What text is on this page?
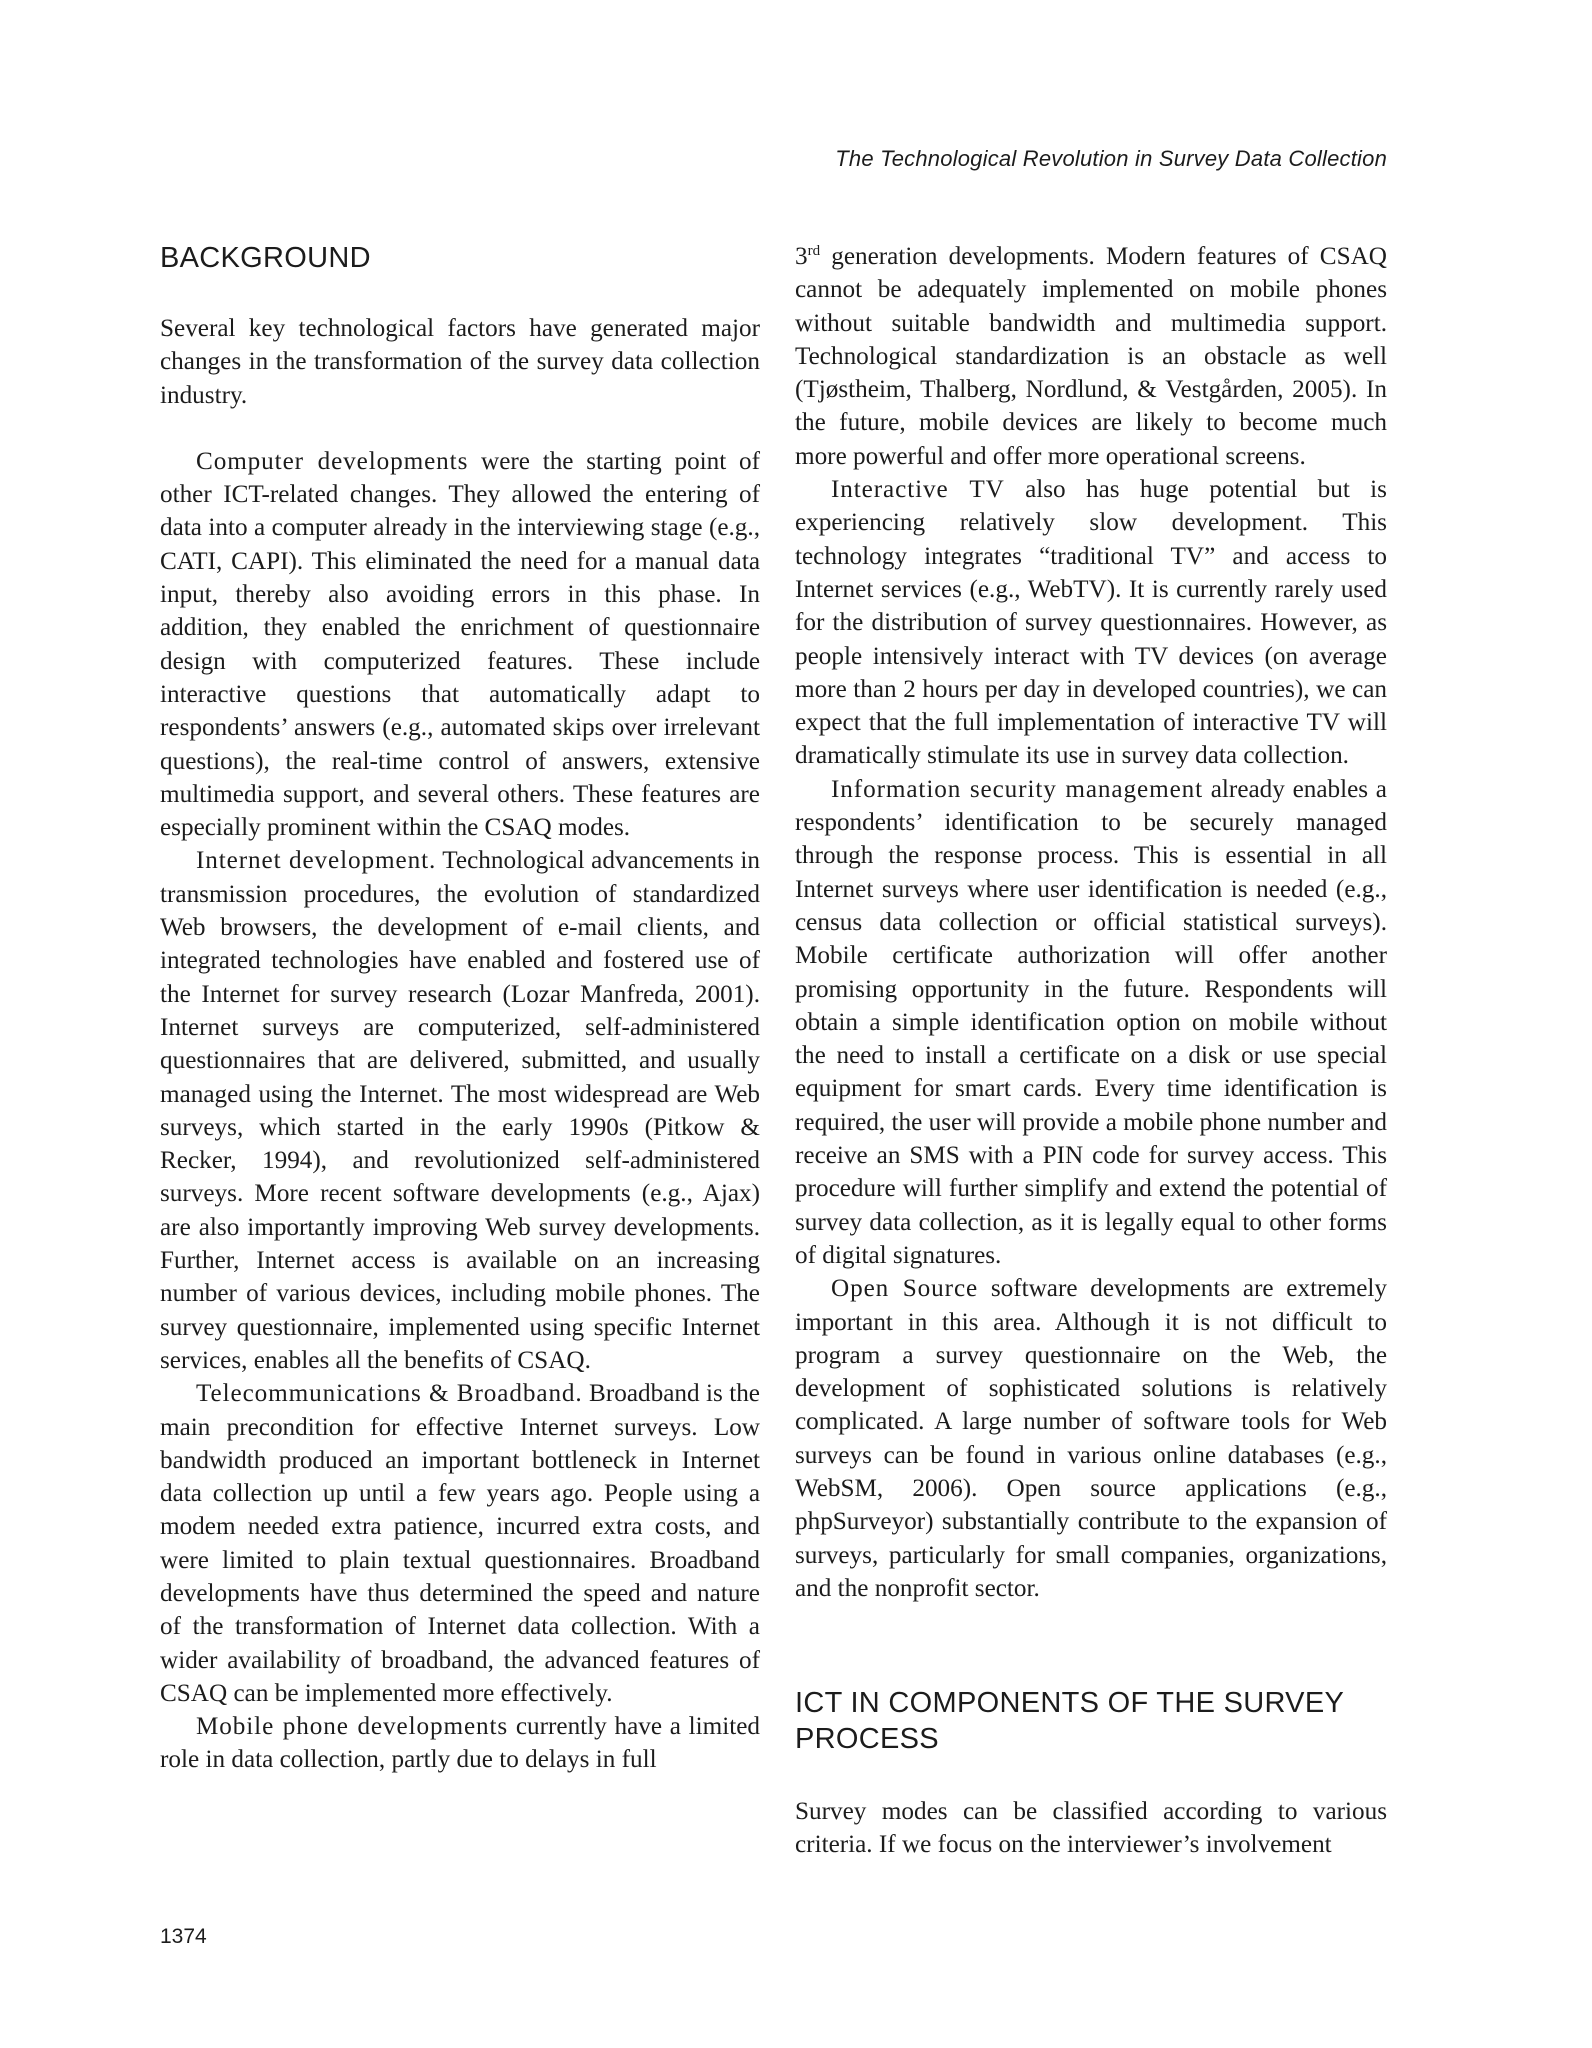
The Technological Revolution in Survey Data Collection
BACKGROUND

Several key technological factors have generated major changes in the transformation of the survey data collection industry.

Computer developments were the starting point of other ICT-related changes. They allowed the entering of data into a computer already in the interviewing stage (e.g., CATI, CAPI). This eliminated the need for a manual data input, thereby also avoiding errors in this phase. In addition, they enabled the enrichment of questionnaire design with computerized features. These include interactive questions that automatically adapt to respondents’ answers (e.g., automated skips over irrelevant questions), the real-time control of answers, extensive multimedia support, and several others. These features are especially prominent within the CSAQ modes.

Internet development. Technological advancements in transmission procedures, the evolution of standardized Web browsers, the development of e-mail clients, and integrated technologies have enabled and fostered use of the Internet for survey research (Lozar Manfreda, 2001). Internet surveys are computerized, self-administered questionnaires that are delivered, submitted, and usually managed using the Internet. The most widespread are Web surveys, which started in the early 1990s (Pitkow & Recker, 1994), and revolutionized self-administered surveys. More recent software developments (e.g., Ajax) are also importantly improving Web survey developments. Further, Internet access is available on an increasing number of various devices, including mobile phones. The survey questionnaire, implemented using specific Internet services, enables all the benefits of CSAQ.

Telecommunications & Broadband. Broadband is the main precondition for effective Internet surveys. Low bandwidth produced an important bottleneck in Internet data collection up until a few years ago. People using a modem needed extra patience, incurred extra costs, and were limited to plain textual questionnaires. Broadband developments have thus determined the speed and nature of the transformation of Internet data collection. With a wider availability of broadband, the advanced features of CSAQ can be implemented more effectively.

Mobile phone developments currently have a limited role in data collection, partly due to delays in full

3rd generation developments. Modern features of CSAQ cannot be adequately implemented on mobile phones without suitable bandwidth and multimedia support. Technological standardization is an obstacle as well (Tjøstheim, Thalberg, Nordlund, & Vestgården, 2005). In the future, mobile devices are likely to become much more powerful and offer more operational screens.

Interactive TV also has huge potential but is experiencing relatively slow development. This technology integrates “traditional TV” and access to Internet services (e.g., WebTV). It is currently rarely used for the distribution of survey questionnaires. However, as people intensively interact with TV devices (on average more than 2 hours per day in developed countries), we can expect that the full implementation of interactive TV will dramatically stimulate its use in survey data collection.

Information security management already enables a respondents’ identification to be securely managed through the response process. This is essential in all Internet surveys where user identification is needed (e.g., census data collection or official statistical surveys). Mobile certificate authorization will offer another promising opportunity in the future. Respondents will obtain a simple identification option on mobile without the need to install a certificate on a disk or use special equipment for smart cards. Every time identification is required, the user will provide a mobile phone number and receive an SMS with a PIN code for survey access. This procedure will further simplify and extend the potential of survey data collection, as it is legally equal to other forms of digital signatures.

Open Source software developments are extremely important in this area. Although it is not difficult to program a survey questionnaire on the Web, the development of sophisticated solutions is relatively complicated. A large number of software tools for Web surveys can be found in various online databases (e.g., WebSM, 2006). Open source applications (e.g., phpSurveyor) substantially contribute to the expansion of surveys, particularly for small companies, organizations, and the nonprofit sector.

ICT IN COMPONENTS OF THE SURVEY PROCESS

Survey modes can be classified according to various criteria. If we focus on the interviewer’s involvement

1374
